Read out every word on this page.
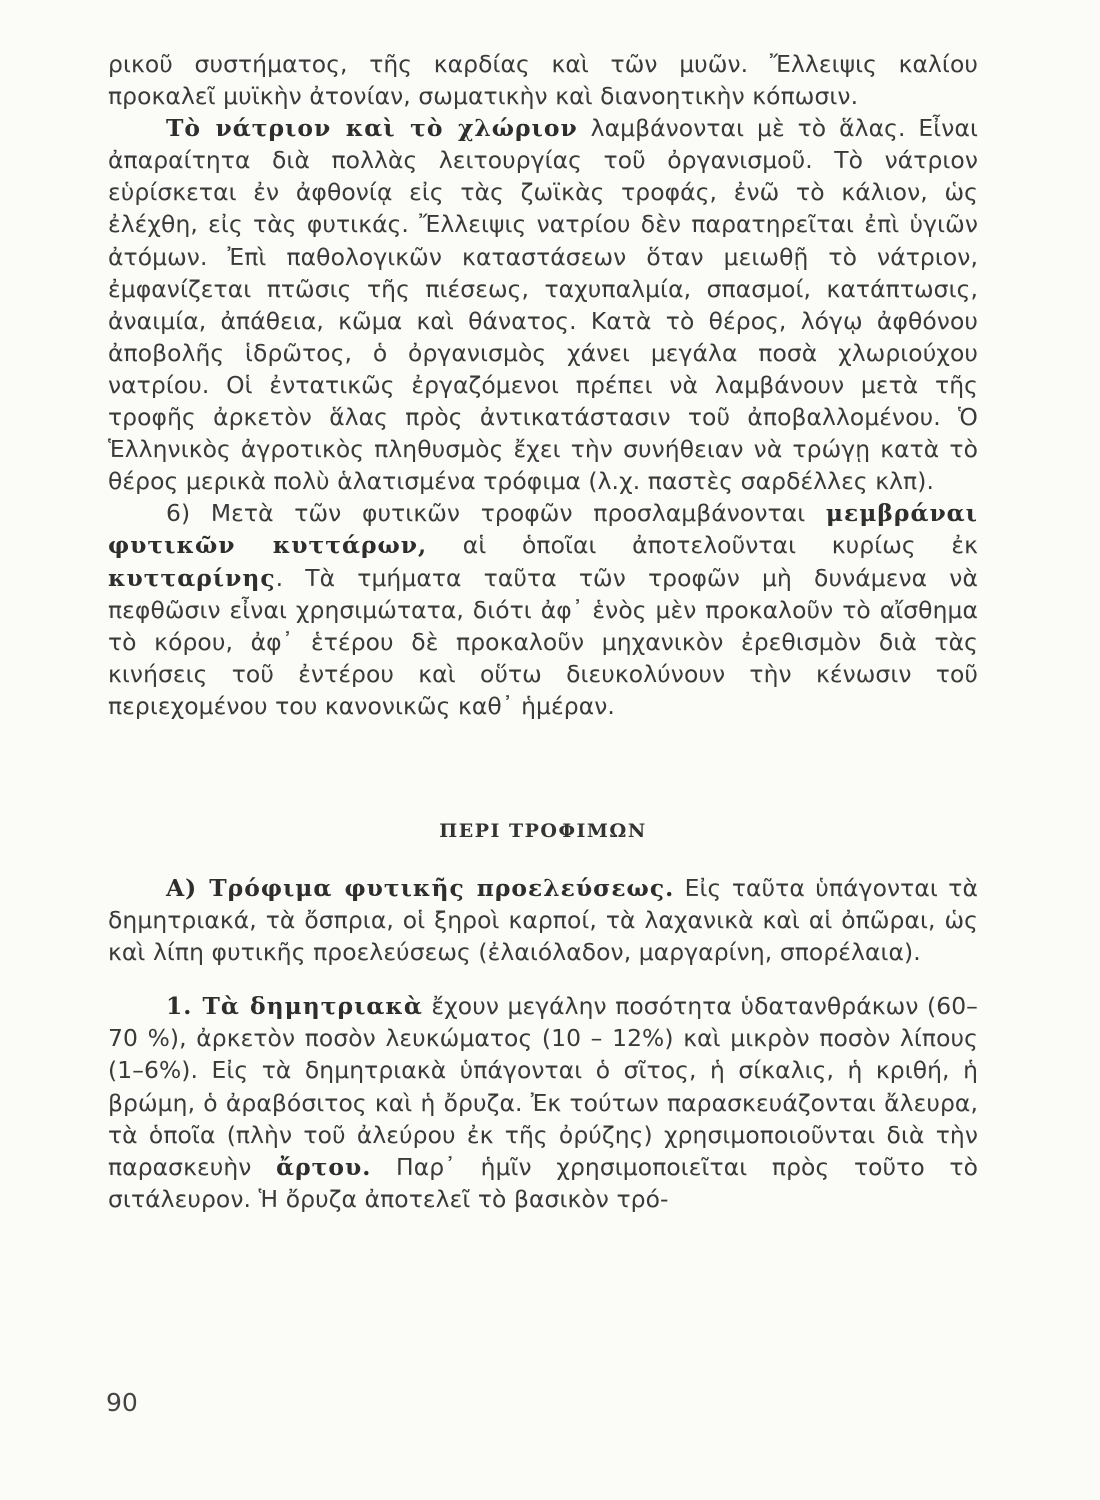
ρικοῦ συστήματος, τῆς καρδίας καὶ τῶν μυῶν. Ἔλλειψις καλίου προκαλεῖ μυϊκὴν ἀτονίαν, σωματικὴν καὶ διανοητικὴν κόπωσιν.

Τὸ νάτριον καὶ τὸ χλώριον λαμβάνονται μὲ τὸ ἅλας. Εἶναι ἀπαραίτητα διὰ πολλὰς λειτουργίας τοῦ ὀργανισμοῦ. Τὸ νάτριον εὑρίσκεται ἐν ἀφθονίᾳ εἰς τὰς ζωϊκὰς τροφάς, ἐνῶ τὸ κάλιον, ὡς ἐλέχθη, εἰς τὰς φυτικάς. Ἔλλειψις νατρίου δὲν παρατηρεῖται ἐπὶ ὑγιῶν ἀτόμων. Ἐπὶ παθολογικῶν καταστάσεων ὅταν μειωθῇ τὸ νάτριον, ἐμφανίζεται πτῶσις τῆς πιέσεως, ταχυπαλμία, σπασμοί, κατάπτωσις, ἀναιμία, ἀπάθεια, κῶμα καὶ θάνατος. Κατὰ τὸ θέρος, λόγῳ ἀφθόνου ἀποβολῆς ἱδρῶτος, ὁ ὀργανισμὸς χάνει μεγάλα ποσὰ χλωριούχου νατρίου. Οἱ ἐντατικῶς ἐργαζόμενοι πρέπει νὰ λαμβάνουν μετὰ τῆς τροφῆς ἀρκετὸν ἅλας πρὸς ἀντικατάστασιν τοῦ ἀποβαλλομένου. Ὁ Ἑλληνικὸς ἀγροτικὸς πληθυσμὸς ἔχει τὴν συνήθειαν νὰ τρώγῃ κατὰ τὸ θέρος μερικὰ πολὺ ἁλατισμένα τρόφιμα (λ.χ. παστὲς σαρδέλλες κλπ).

6) Μετὰ τῶν φυτικῶν τροφῶν προσλαμβάνονται μεμβράναι φυτικῶν κυττάρων, αἱ ὁποῖαι ἀποτελοῦνται κυρίως ἐκ κυτταρίνης. Τὰ τμήματα ταῦτα τῶν τροφῶν μὴ δυνάμενα νὰ πεφθῶσιν εἶναι χρησιμώτατα, διότι ἀφ᾽ ἑνὸς μὲν προκαλοῦν τὸ αἴσθημα τὸ κόρου, ἀφ᾽ ἑτέρου δὲ προκαλοῦν μηχανικὸν ἐρεθισμὸν διὰ τὰς κινήσεις τοῦ ἐντέρου καὶ οὕτω διευκολύνουν τὴν κένωσιν τοῦ περιεχομένου του κανονικῶς καθ᾽ ἡμέραν.

ΠΕΡΙ ΤΡΟΦΙΜΩΝ

Α) Τρόφιμα φυτικῆς προελεύσεως. Εἰς ταῦτα ὑπάγονται τὰ δημητριακά, τὰ ὄσπρια, οἱ ξηροὶ καρποί, τὰ λαχανικὰ καὶ αἱ ὀπῶραι, ὡς καὶ λίπη φυτικῆς προελεύσεως (ἐλαιόλαδον, μαργαρίνη, σπορέλαια).

1. Τὰ δημητριακὰ ἔχουν μεγάλην ποσότητα ὑδατανθράκων (60–70 %), ἀρκετὸν ποσὸν λευκώματος (10 – 12%) καὶ μικρὸν ποσὸν λίπους (1–6%). Εἰς τὰ δημητριακὰ ὑπάγονται ὁ σῖτος, ἡ σίκαλις, ἡ κριθή, ἡ βρώμη, ὁ ἀραβόσιτος καὶ ἡ ὄρυζα. Ἐκ τούτων παρασκευάζονται ἄλευρα, τὰ ὁποῖα (πλὴν τοῦ ἀλεύρου ἐκ τῆς ὀρύζης) χρησιμοποιοῦνται διὰ τὴν παρασκευὴν ἄρτου. Παρ᾽ ἡμῖν χρησιμοποιεῖται πρὸς τοῦτο τὸ σιτάλευρον. Ἡ ὄρυζα ἀποτελεῖ τὸ βασικὸν τρό-

90
